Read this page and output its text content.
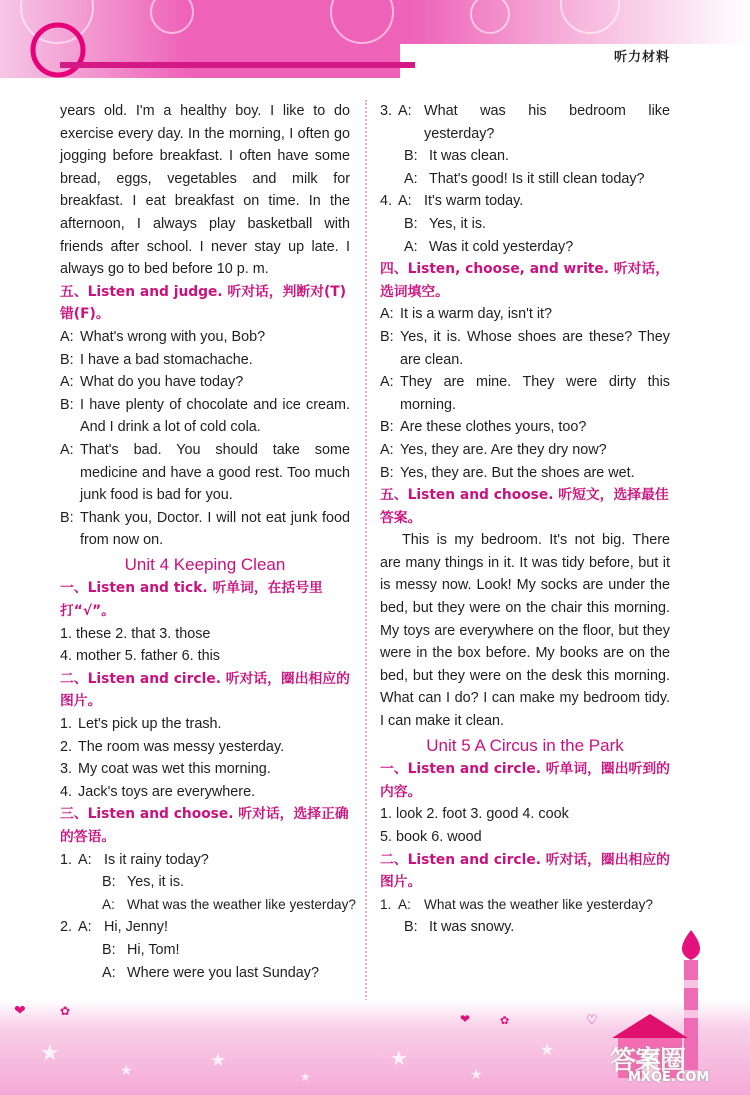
听力材料
years old. I'm a healthy boy. I like to do exercise every day. In the morning, I often go jogging before breakfast. I often have some bread, eggs, vegetables and milk for breakfast. I eat breakfast on time. In the afternoon, I always play basketball with friends after school. I never stay up late. I always go to bed before 10 p. m.
五、Listen and judge. 听对话，判断对(T)错(F)。
A: What's wrong with you, Bob?
B: I have a bad stomachache.
A: What do you have today?
B: I have plenty of chocolate and ice cream. And I drink a lot of cold cola.
A: That's bad. You should take some medicine and have a good rest. Too much junk food is bad for you.
B: Thank you, Doctor. I will not eat junk food from now on.
Unit 4 Keeping Clean
一、Listen and tick. 听单词，在括号里打“√”。
1. these 2. that 3. those
4. mother 5. father 6. this
二、Listen and circle. 听对话，圈出相应的图片。
1. Let's pick up the trash.
2. The room was messy yesterday.
3. My coat was wet this morning.
4. Jack's toys are everywhere.
三、Listen and choose. 听对话，选择正确的答语。
1. A: Is it rainy today?
B: Yes, it is.
A: What was the weather like yesterday?
2. A: Hi, Jenny!
B: Hi, Tom!
A: Where were you last Sunday?
3. A: What was his bedroom like yesterday?
B: It was clean.
A: That's good! Is it still clean today?
4. A: It's warm today.
B: Yes, it is.
A: Was it cold yesterday?
四、Listen, choose, and write. 听对话，选词填空。
A: It is a warm day, isn't it?
B: Yes, it is. Whose shoes are these? They are clean.
A: They are mine. They were dirty this morning.
B: Are these clothes yours, too?
A: Yes, they are. Are they dry now?
B: Yes, they are. But the shoes are wet.
五、Listen and choose. 听短文，选择最佳答案。
This is my bedroom. It's not big. There are many things in it. It was tidy before, but it is messy now. Look! My socks are under the bed, but they were on the chair this morning. My toys are everywhere on the floor, but they were in the box before. My books are on the bed, but they were on the desk this morning. What can I do? I can make my bedroom tidy. I can make it clean.
Unit 5 A Circus in the Park
一、Listen and circle. 听单词，圈出听到的内容。
1. look 2. foot 3. good 4. cook
5. book 6. wood
二、Listen and circle. 听对话，圈出相应的图片。
1. A: What was the weather like yesterday?
B: It was snowy.
★
★	★
★
★
★
★
❤	✿
❤	✿	♡
答案圈
MXQE.COM
